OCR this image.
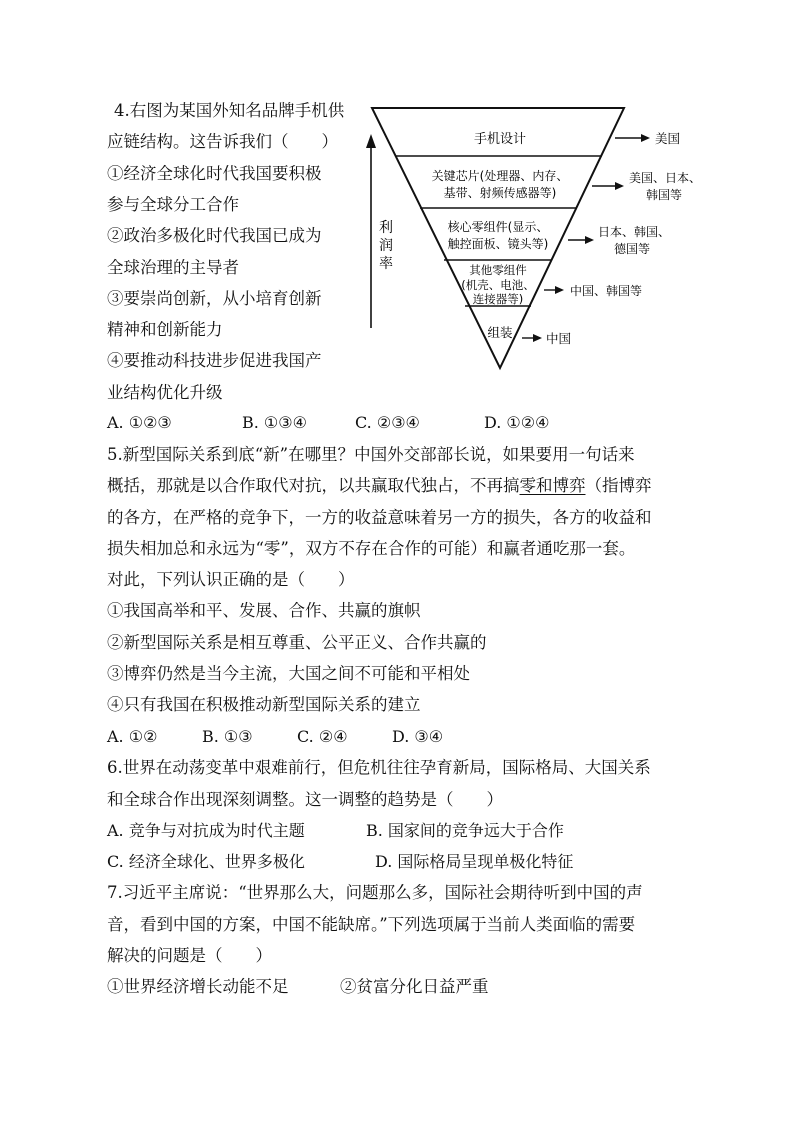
4.右图为某国外知名品牌手机供
应链结构。这告诉我们（　　）
①经济全球化时代我国要积极
参与全球分工合作
②政治多极化时代我国已成为
全球治理的主导者
③要崇尚创新，从小培育创新
精神和创新能力
④要推动科技进步促进我国产
业结构优化升级
A. ①②③	B. ①③④	C. ②③④	D. ①②④
利
润
率
手机设计	美国
关键芯片(处理器、内存、
基带、射频传感器等)
美国、日本、
韩国等
核心零组件(显示、
触控面板、镜头等)
日本、韩国、
德国等
其他零组件
(机壳、电池、
连接器等)
中国、韩国等
组装	中国
5.新型国际关系到底“新”在哪里？中国外交部部长说，如果要用一句话来
概括，那就是以合作取代对抗，以共赢取代独占，不再搞零和博弈（指博弈
的各方，在严格的竞争下，一方的收益意味着另一方的损失，各方的收益和
损失相加总和永远为“零”，双方不存在合作的可能）和赢者通吃那一套。
对此，下列认识正确的是（　　）
①我国高举和平、发展、合作、共赢的旗帜
②新型国际关系是相互尊重、公平正义、合作共赢的
③博弈仍然是当今主流，大国之间不可能和平相处
④只有我国在积极推动新型国际关系的建立
A. ①②	B. ①③	C. ②④	D. ③④
6.世界在动荡变革中艰难前行，但危机往往孕育新局，国际格局、大国关系
和全球合作出现深刻调整。这一调整的趋势是（　　）
A. 竞争与对抗成为时代主题	B. 国家间的竞争远大于合作
C. 经济全球化、世界多极化	D. 国际格局呈现单极化特征
7.习近平主席说：“世界那么大，问题那么多，国际社会期待听到中国的声
音，看到中国的方案，中国不能缺席。”下列选项属于当前人类面临的需要
解决的问题是（　　）
①世界经济增长动能不足	②贫富分化日益严重
